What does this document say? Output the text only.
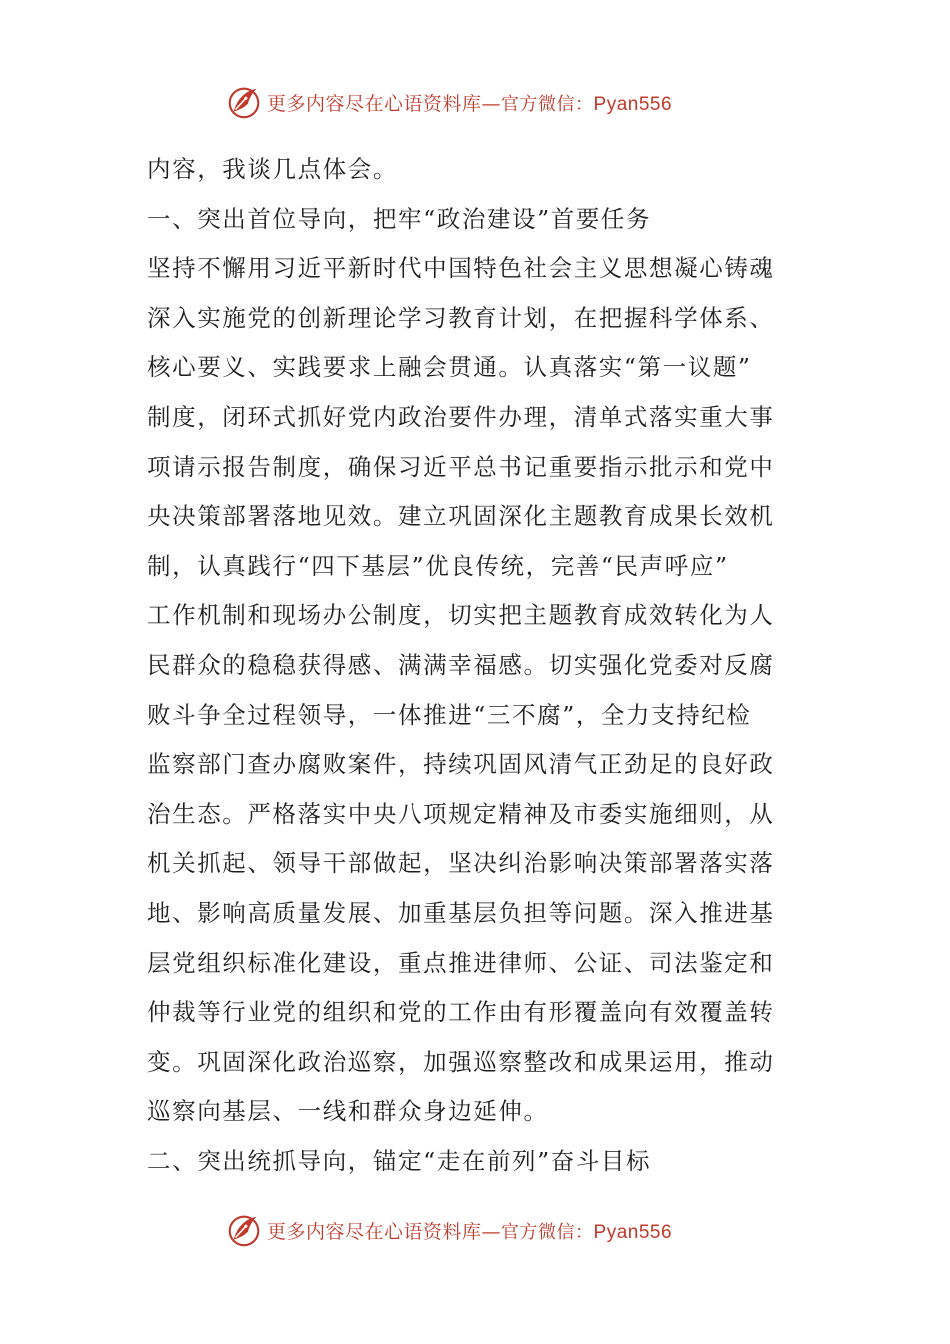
更多内容尽在心语资料库—官方微信：Pyan556
内容，我谈几点体会。
一、突出首位导向，把牢“政治建设”首要任务
坚持不懈用习近平新时代中国特色社会主义思想凝心铸魂
深入实施党的创新理论学习教育计划，在把握科学体系、
核心要义、实践要求上融会贯通。认真落实“第一议题”
制度，闭环式抓好党内政治要件办理，清单式落实重大事
项请示报告制度，确保习近平总书记重要指示批示和党中
央决策部署落地见效。建立巩固深化主题教育成果长效机
制，认真践行“四下基层”优良传统，完善“民声呼应”
工作机制和现场办公制度，切实把主题教育成效转化为人
民群众的稳稳获得感、满满幸福感。切实强化党委对反腐
败斗争全过程领导，一体推进“三不腐”，全力支持纪检
监察部门查办腐败案件，持续巩固风清气正劲足的良好政
治生态。严格落实中央八项规定精神及市委实施细则，从
机关抓起、领导干部做起，坚决纠治影响决策部署落实落
地、影响高质量发展、加重基层负担等问题。深入推进基
层党组织标准化建设，重点推进律师、公证、司法鉴定和
仲裁等行业党的组织和党的工作由有形覆盖向有效覆盖转
变。巩固深化政治巡察，加强巡察整改和成果运用，推动
巡察向基层、一线和群众身边延伸。
二、突出统抓导向，锚定“走在前列”奋斗目标
更多内容尽在心语资料库—官方微信：Pyan556
